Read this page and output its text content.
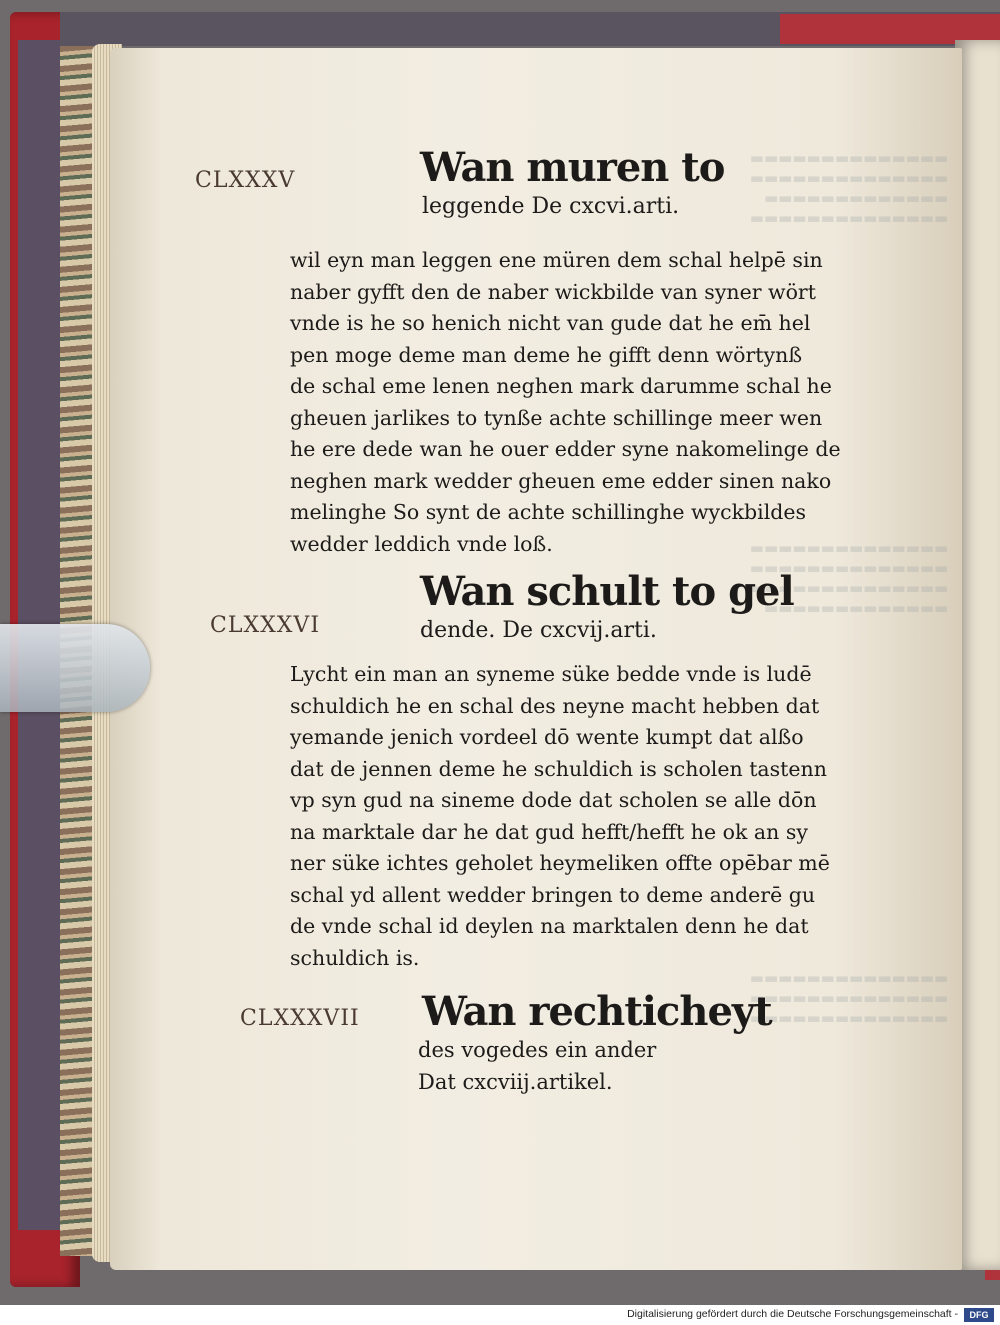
▬▬▬▬▬▬▬▬▬▬▬▬▬▬
▬▬▬▬▬▬▬▬▬▬▬▬▬▬
▬▬▬▬▬▬▬▬▬▬▬▬▬
▬▬▬▬▬▬▬▬▬▬▬▬▬▬
▬▬▬▬▬▬▬▬▬▬▬▬▬▬
▬▬▬▬▬▬▬▬▬▬▬▬▬▬
▬▬▬▬▬▬▬▬▬▬▬▬▬▬
▬▬▬▬▬▬▬▬▬▬▬▬▬
▬▬▬▬▬▬▬▬▬▬▬▬▬▬
▬▬▬▬▬▬▬▬▬▬▬▬▬▬
▬▬▬▬▬▬▬▬▬▬▬▬▬▬
CLXXXV	Wan muren to
leggende De cxcvi.arti.
wil eyn man leggen ene müren dem schal helpē sin
naber gyfft den de naber wickbilde van syner wört
vnde is he so henich nicht van gude dat he em̄ hel
pen moge deme man deme he gifft denn wörtynß
de schal eme lenen neghen mark darumme schal he
gheuen jarlikes to tynße achte schillinge meer wen
he ere dede wan he ouer edder syne nakomelinge de
neghen mark wedder gheuen eme edder sinen nako
melinghe So synt de achte schillinghe wyckbildes
wedder leddich vnde loß.
CLXXXVI
Wan schult to gel
dende. De cxcvij.arti.
Lycht ein man an syneme süke bedde vnde is ludē
schuldich he en schal des neyne macht hebben dat
yemande jenich vordeel dō wente kumpt dat alßo
dat de jennen deme he schuldich is scholen tastenn
vp syn gud na sineme dode dat scholen se alle dōn
na marktale dar he dat gud hefft/hefft he ok an sy
ner süke ichtes geholet heymeliken offte opēbar mē
schal yd allent wedder bringen to deme anderē gu
de vnde schal id deylen na marktalen denn he dat
schuldich is.
CLXXXVII Wan rechticheyt
des vogedes ein ander
Dat cxcviij.artikel.
Digitalisierung gefördert durch die Deutsche Forschungsgemeinschaft -	DFG
